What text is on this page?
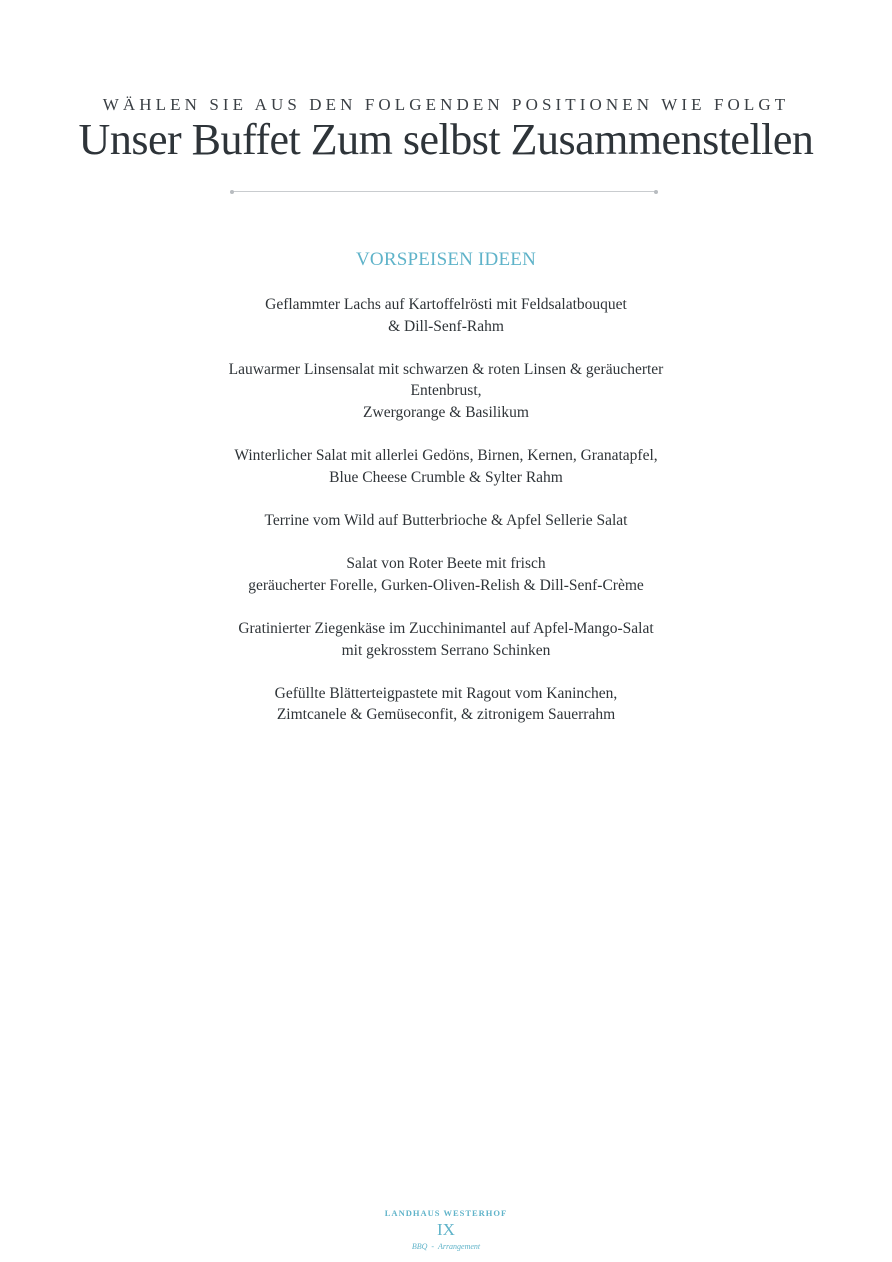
WÄHLEN SIE AUS DEN FOLGENDEN POSITIONEN WIE FOLGT
Unser Buffet Zum selbst Zusammenstellen
VORSPEISEN IDEEN
Geflammter Lachs auf Kartoffelrösti mit Feldsalatbouquet
& Dill-Senf-Rahm
Lauwarmer Linsensalat mit schwarzen & roten Linsen & geräucherter
Entenbrust,
Zwergorange & Basilikum
Winterlicher Salat mit allerlei Gedöns, Birnen, Kernen, Granatapfel,
Blue Cheese Crumble & Sylter Rahm
Terrine vom Wild auf Butterbrioche & Apfel Sellerie Salat
Salat von Roter Beete mit frisch
geräucherter Forelle, Gurken-Oliven-Relish & Dill-Senf-Crème
Gratinierter Ziegenkäse im Zucchinimantel auf Apfel-Mango-Salat
mit gekrosstem Serrano Schinken
Gefüllte Blätterteigpastete mit Ragout vom Kaninchen,
Zimtcanele & Gemüseconfit, & zitronigem Sauerrahm
LANDHAUS WESTERHOF
IX
BBQ - Arrangement
